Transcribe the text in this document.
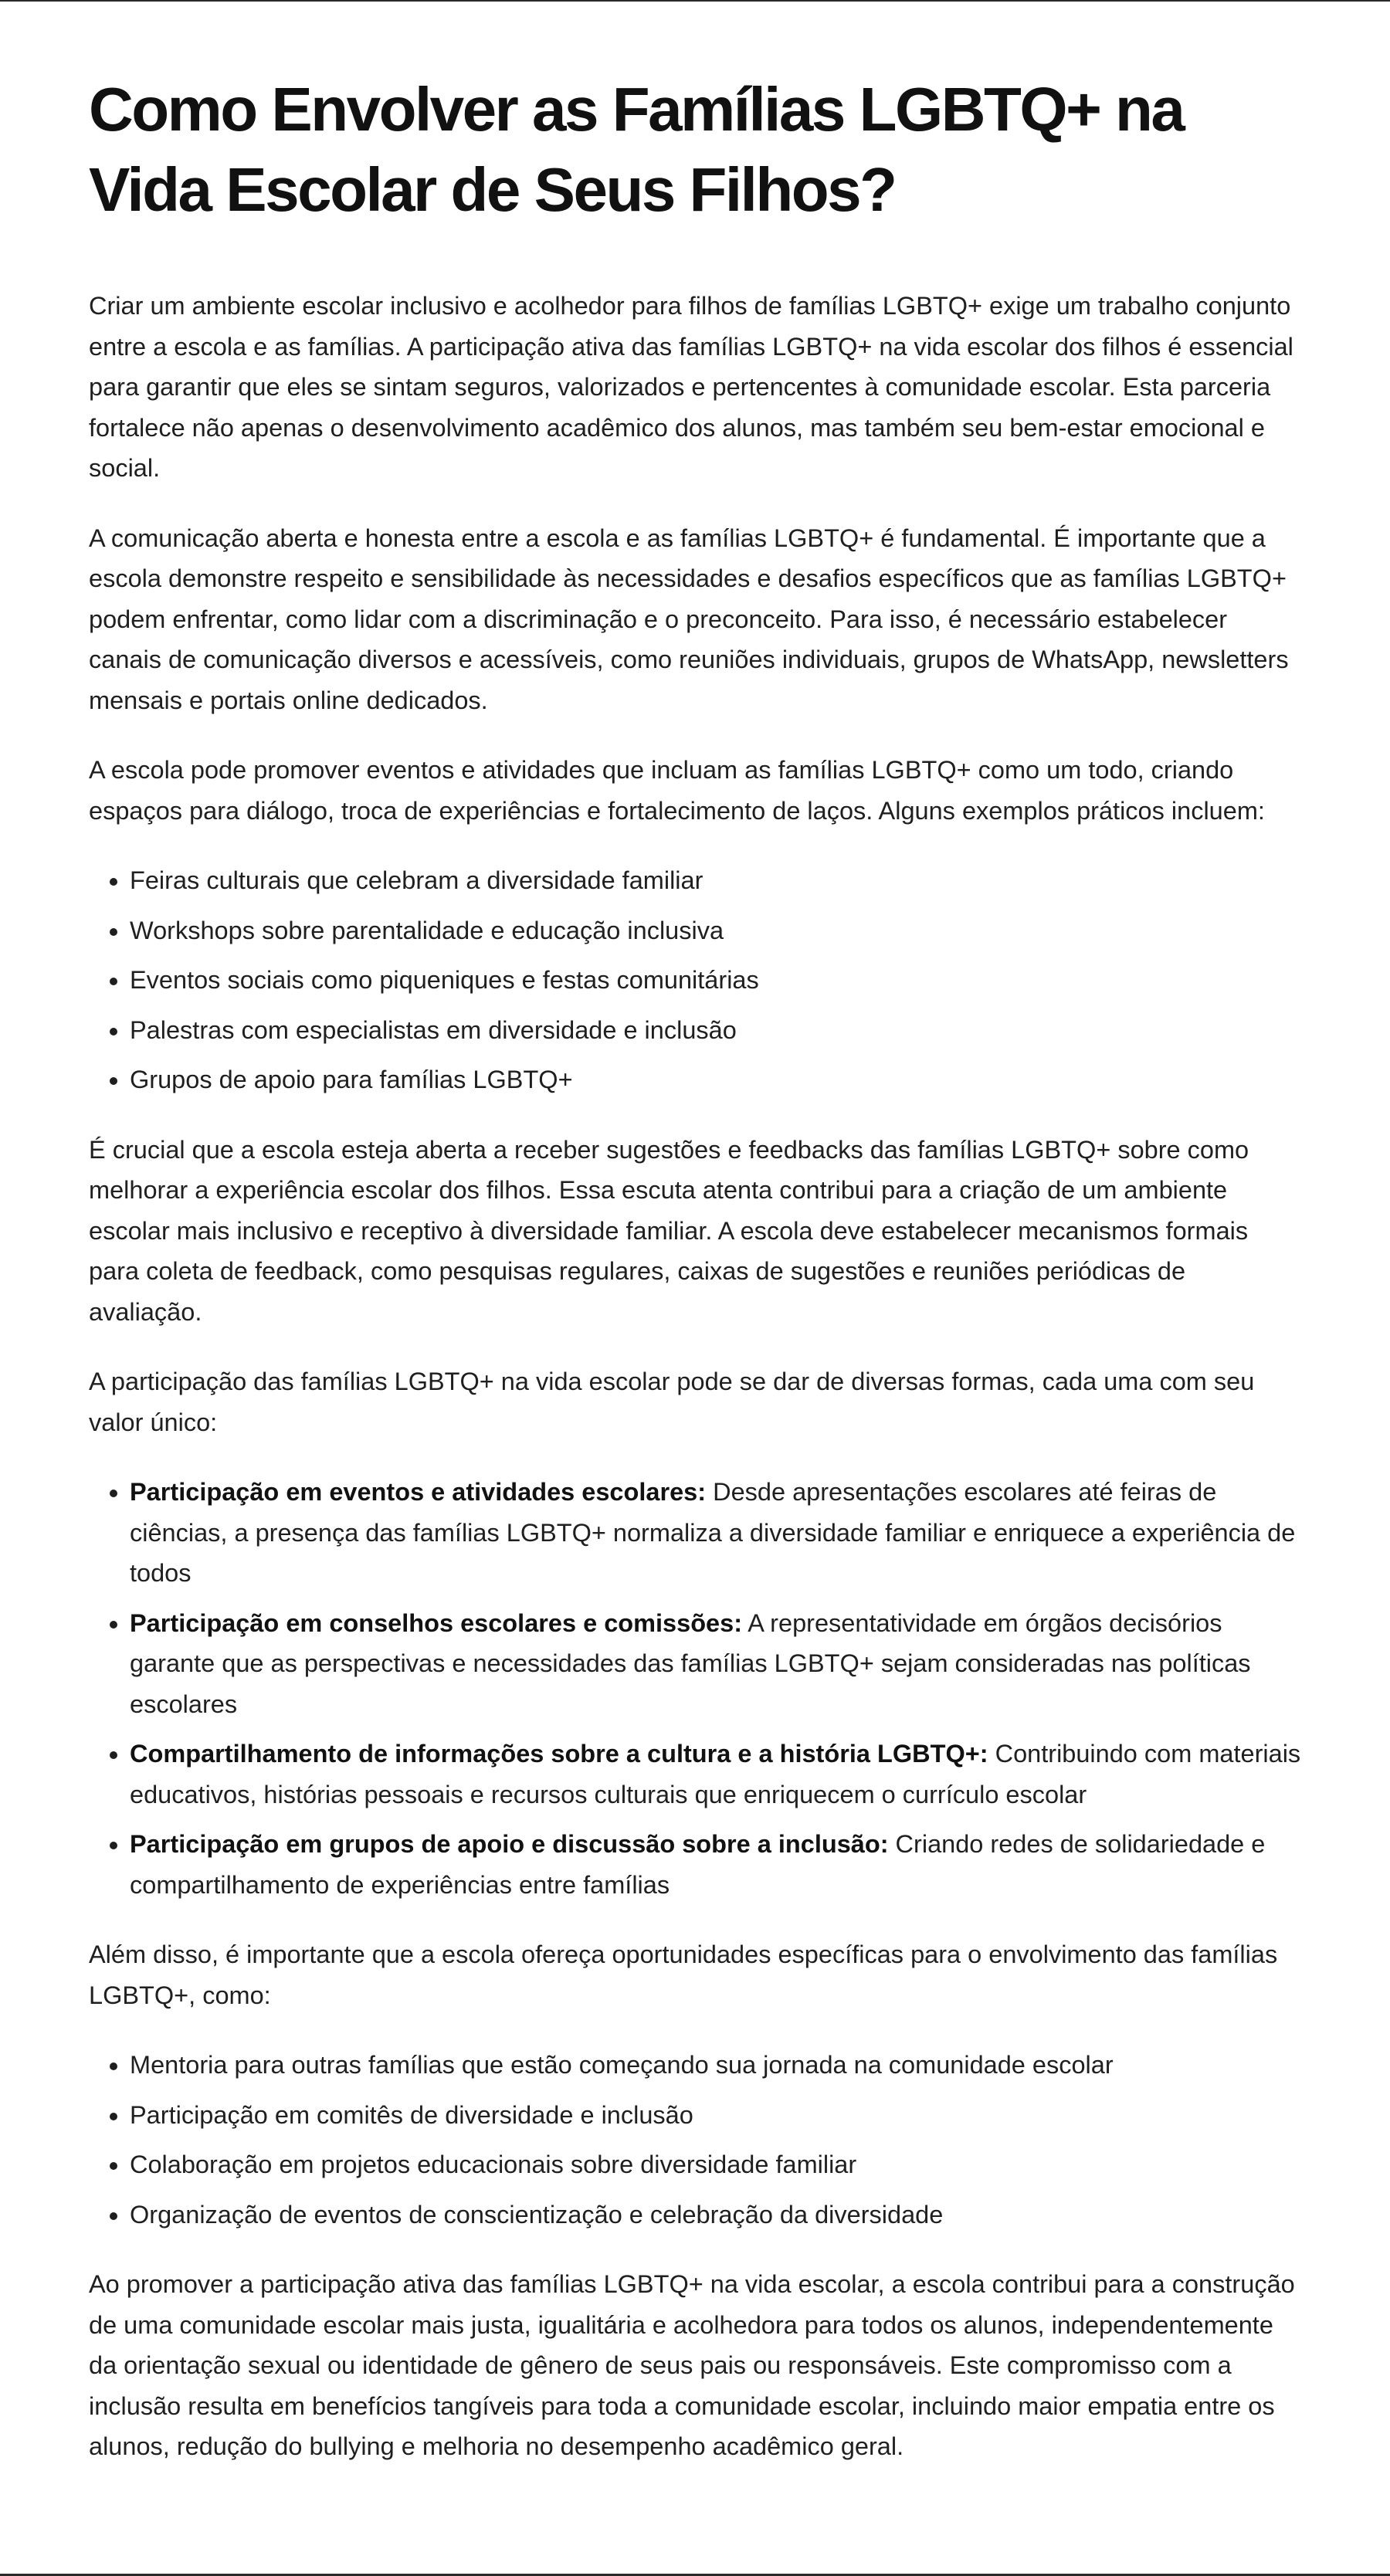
Como Envolver as Famílias LGBTQ+ na Vida Escolar de Seus Filhos?

Criar um ambiente escolar inclusivo e acolhedor para filhos de famílias LGBTQ+ exige um trabalho conjunto entre a escola e as famílias. A participação ativa das famílias LGBTQ+ na vida escolar dos filhos é essencial para garantir que eles se sintam seguros, valorizados e pertencentes à comunidade escolar. Esta parceria fortalece não apenas o desenvolvimento acadêmico dos alunos, mas também seu bem-estar emocional e social.

A comunicação aberta e honesta entre a escola e as famílias LGBTQ+ é fundamental. É importante que a escola demonstre respeito e sensibilidade às necessidades e desafios específicos que as famílias LGBTQ+ podem enfrentar, como lidar com a discriminação e o preconceito. Para isso, é necessário estabelecer canais de comunicação diversos e acessíveis, como reuniões individuais, grupos de WhatsApp, newsletters mensais e portais online dedicados.

A escola pode promover eventos e atividades que incluam as famílias LGBTQ+ como um todo, criando espaços para diálogo, troca de experiências e fortalecimento de laços. Alguns exemplos práticos incluem:

• Feiras culturais que celebram a diversidade familiar
• Workshops sobre parentalidade e educação inclusiva
• Eventos sociais como piqueniques e festas comunitárias
• Palestras com especialistas em diversidade e inclusão
• Grupos de apoio para famílias LGBTQ+

É crucial que a escola esteja aberta a receber sugestões e feedbacks das famílias LGBTQ+ sobre como melhorar a experiência escolar dos filhos. Essa escuta atenta contribui para a criação de um ambiente escolar mais inclusivo e receptivo à diversidade familiar. A escola deve estabelecer mecanismos formais para coleta de feedback, como pesquisas regulares, caixas de sugestões e reuniões periódicas de avaliação.

A participação das famílias LGBTQ+ na vida escolar pode se dar de diversas formas, cada uma com seu valor único:

• Participação em eventos e atividades escolares: Desde apresentações escolares até feiras de ciências, a presença das famílias LGBTQ+ normaliza a diversidade familiar e enriquece a experiência de todos
• Participação em conselhos escolares e comissões: A representatividade em órgãos decisórios garante que as perspectivas e necessidades das famílias LGBTQ+ sejam consideradas nas políticas escolares
• Compartilhamento de informações sobre a cultura e a história LGBTQ+: Contribuindo com materiais educativos, histórias pessoais e recursos culturais que enriquecem o currículo escolar
• Participação em grupos de apoio e discussão sobre a inclusão: Criando redes de solidariedade e compartilhamento de experiências entre famílias

Além disso, é importante que a escola ofereça oportunidades específicas para o envolvimento das famílias LGBTQ+, como:

• Mentoria para outras famílias que estão começando sua jornada na comunidade escolar
• Participação em comitês de diversidade e inclusão
• Colaboração em projetos educacionais sobre diversidade familiar
• Organização de eventos de conscientização e celebração da diversidade

Ao promover a participação ativa das famílias LGBTQ+ na vida escolar, a escola contribui para a construção de uma comunidade escolar mais justa, igualitária e acolhedora para todos os alunos, independentemente da orientação sexual ou identidade de gênero de seus pais ou responsáveis. Este compromisso com a inclusão resulta em benefícios tangíveis para toda a comunidade escolar, incluindo maior empatia entre os alunos, redução do bullying e melhoria no desempenho acadêmico geral.
